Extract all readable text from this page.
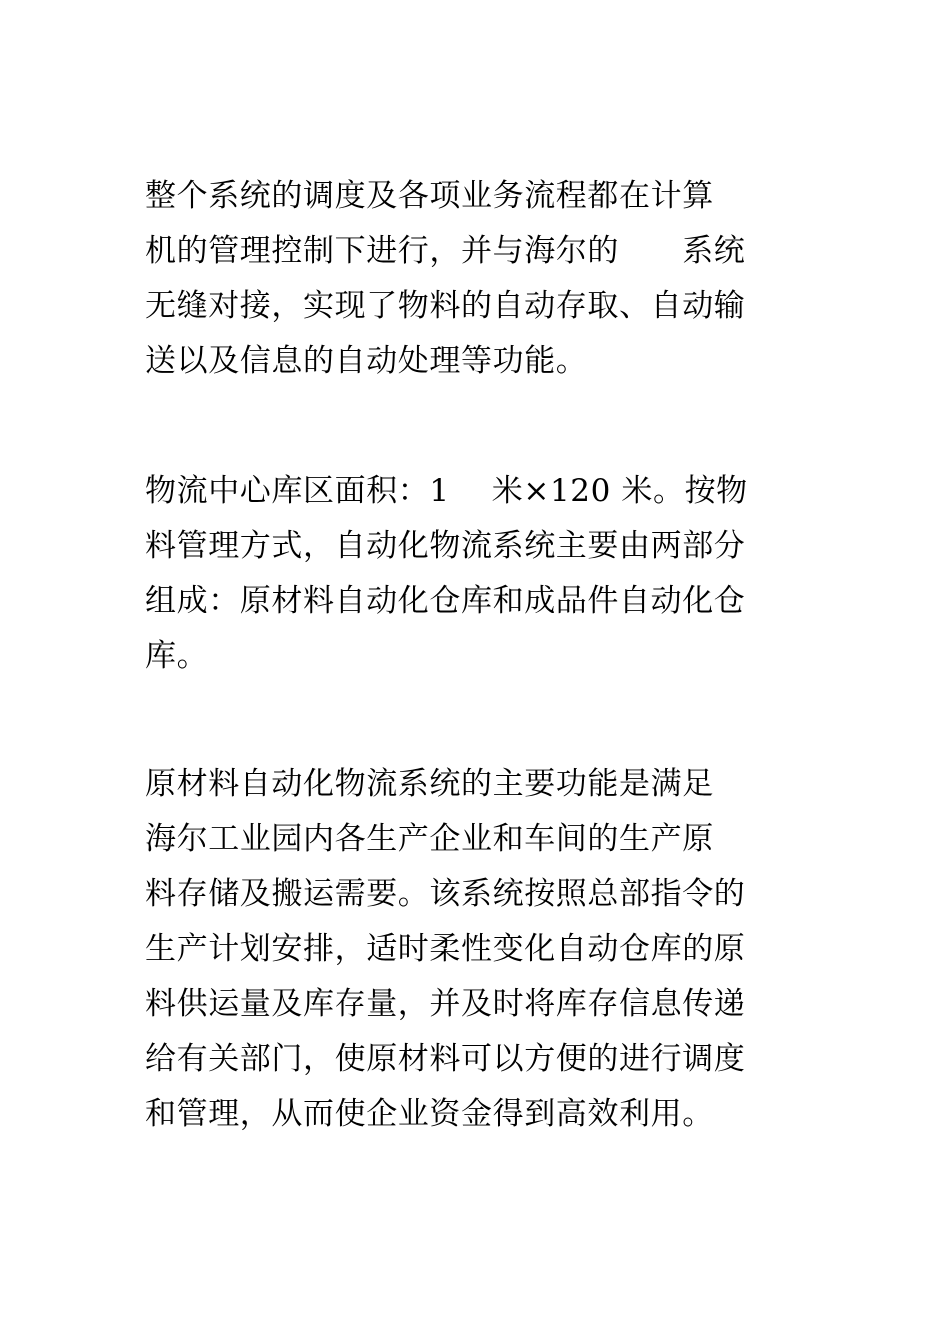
整个系统的调度及各项业务流程都在计算
机的管理控制下进行，并与海尔的　　系统
无缝对接，实现了物料的自动存取、自动输
送以及信息的自动处理等功能。
物流中心库区面积：1　 米×120 米。按物
料管理方式，自动化物流系统主要由两部分
组成：原材料自动化仓库和成品件自动化仓
库。
原材料自动化物流系统的主要功能是满足
海尔工业园内各生产企业和车间的生产原
料存储及搬运需要。该系统按照总部指令的
生产计划安排，适时柔性变化自动仓库的原
料供运量及库存量，并及时将库存信息传递
给有关部门，使原材料可以方便的进行调度
和管理，从而使企业资金得到高效利用。
